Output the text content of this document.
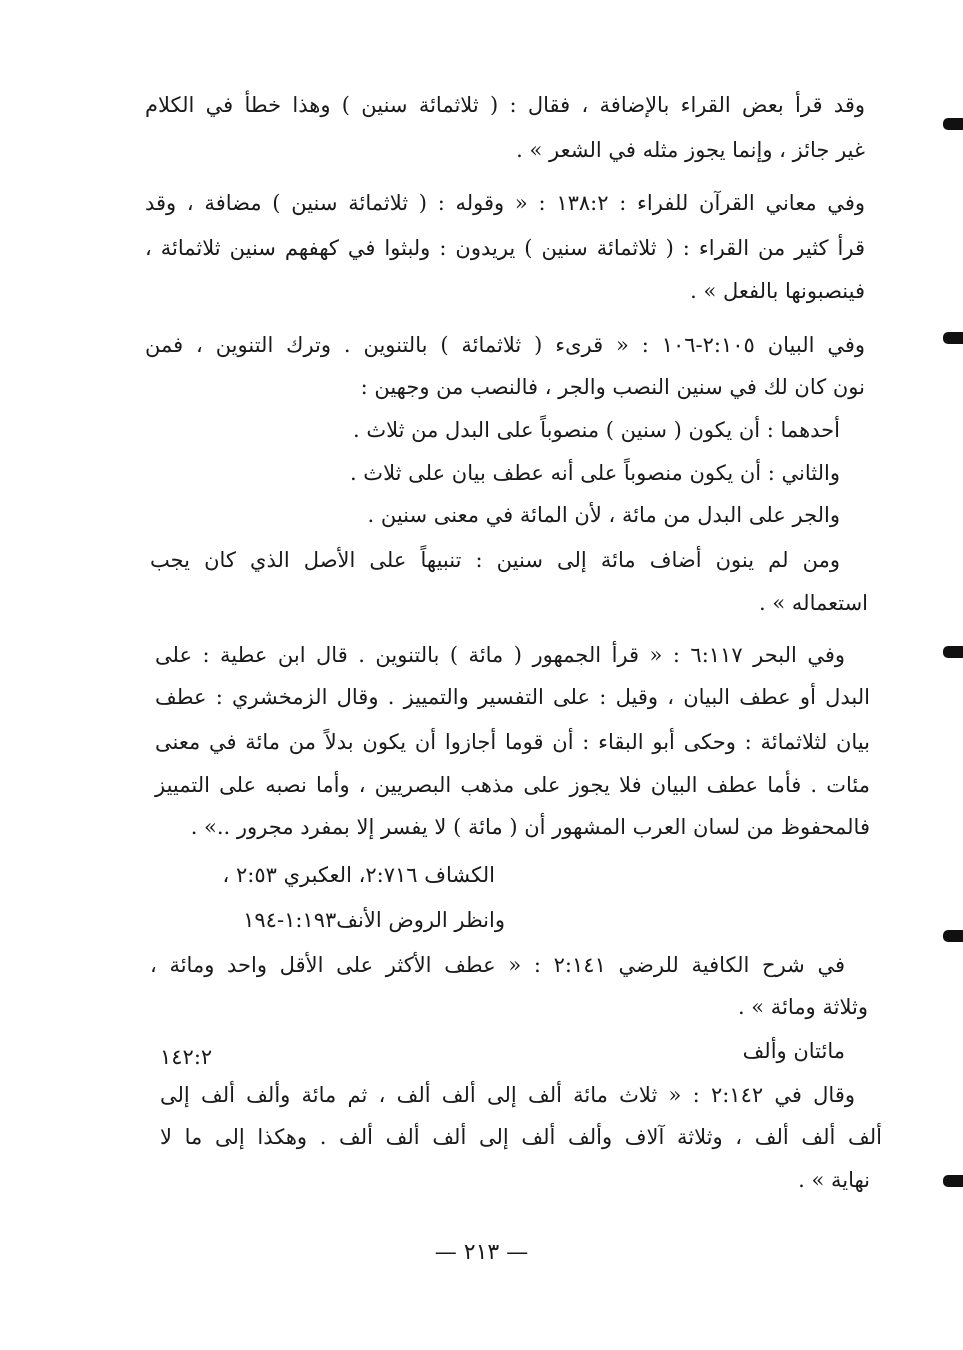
وقد قرأ بعض القراء بالإضافة ، فقال : ( ثلاثمائة سنين ) وهذا خطأ في الكلام
غير جائز ، وإنما يجوز مثله في الشعر » .
وفي معاني القرآن للفراء : ١٣٨:٢ : « وقوله : ( ثلاثمائة سنين ) مضافة ، وقد
قرأ كثير من القراء : ( ثلاثمائة سنين ) يريدون : ولبثوا في كهفهم سنين ثلاثمائة ،
فينصبونها بالفعل » .
وفي البيان ٢:١٠٥-١٠٦ : « قرىء ( ثلاثمائة ) بالتنوين . وترك التنوين ، فمن
نون كان لك في سنين النصب والجر ، فالنصب من وجهين :
أحدهما : أن يكون ( سنين ) منصوباً على البدل من ثلاث .
والثاني : أن يكون منصوباً على أنه عطف بيان على ثلاث .
والجر على البدل من مائة ، لأن المائة في معنى سنين .
ومن لم ينون أضاف مائة إلى سنين : تنبيهاً على الأصل الذي كان يجب
استعماله » .
وفي البحر ٦:١١٧ : « قرأ الجمهور ( مائة ) بالتنوين . قال ابن عطية : على
البدل أو عطف البيان ، وقيل : على التفسير والتمييز . وقال الزمخشري : عطف
بيان لثلاثمائة : وحكى أبو البقاء : أن قوما أجازوا أن يكون بدلاً من مائة في معنى
مئات . فأما عطف البيان فلا يجوز على مذهب البصريين ، وأما نصبه على التمييز
فالمحفوظ من لسان العرب المشهور أن ( مائة ) لا يفسر إلا بمفرد مجرور ..» .
الكشاف ٢:٧١٦، العكبري ٢:٥٣ ،
وانظر الروض الأنف١:١٩٣-١٩٤
في شرح الكافية للرضي ٢:١٤١ : « عطف الأكثر على الأقل واحد ومائة ،
وثلاثة ومائة » .
مائتان وألف
١٤٢:٢
وقال في ٢:١٤٢ : « ثلاث مائة ألف إلى ألف ألف ، ثم مائة وألف ألف إلى
ألف ألف ألف ، وثلاثة آلاف وألف ألف إلى ألف ألف ألف . وهكذا إلى ما لا
نهاية » .
— ٢١٣ —
